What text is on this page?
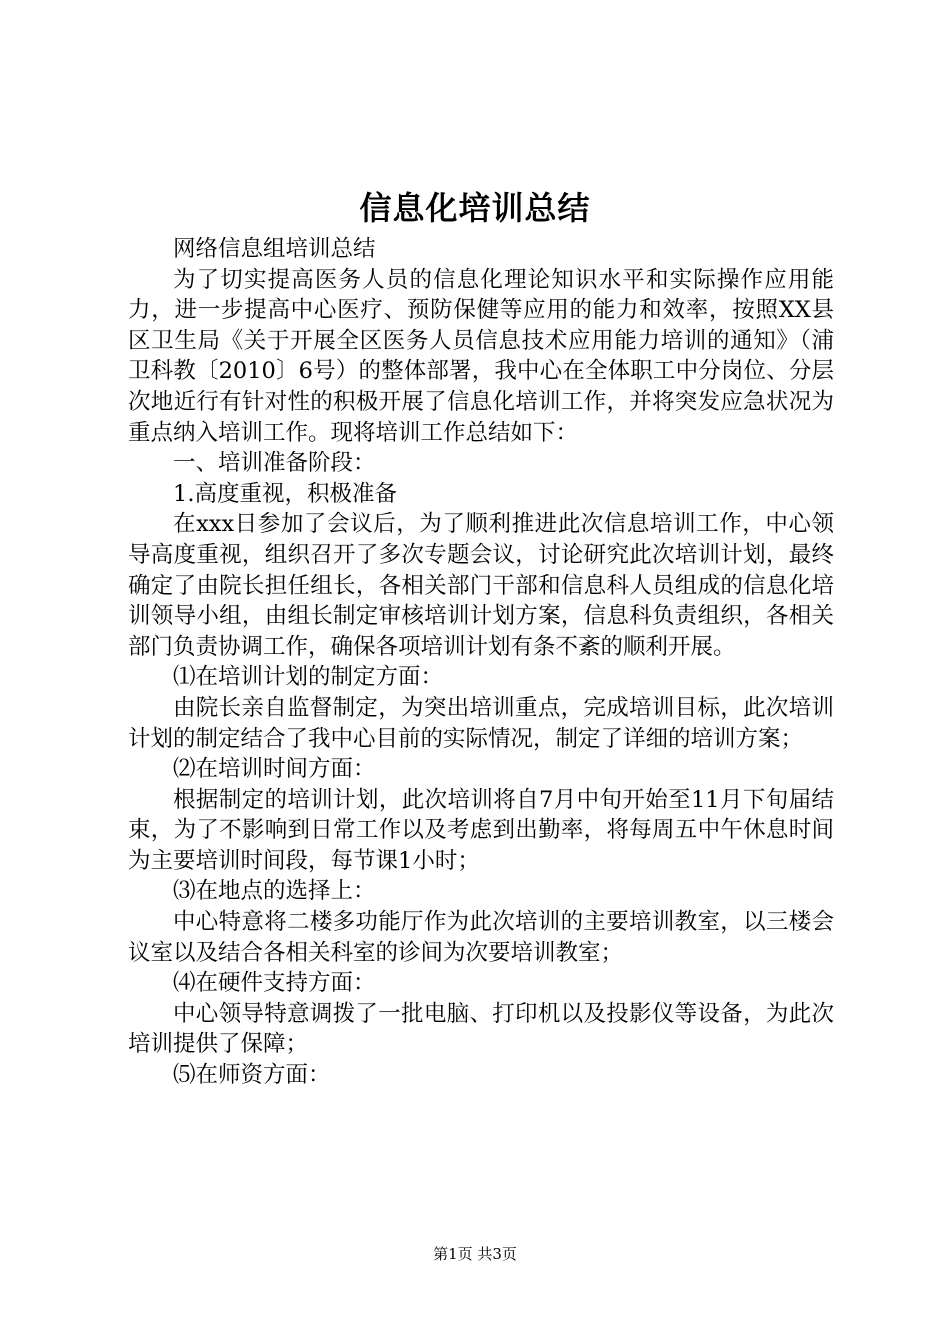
信息化培训总结

网络信息组培训总结

为了切实提高医务人员的信息化理论知识水平和实际操作应用能力，进一步提高中心医疗、预防保健等应用的能力和效率，按照XX县区卫生局《关于开展全区医务人员信息技术应用能力培训的通知》（浦卫科教〔2010〕6号）的整体部署，我中心在全体职工中分岗位、分层次地近行有针对性的积极开展了信息化培训工作，并将突发应急状况为重点纳入培训工作。现将培训工作总结如下：

一、培训准备阶段：

1.高度重视，积极准备

在xxx日参加了会议后，为了顺利推进此次信息培训工作，中心领导高度重视，组织召开了多次专题会议，讨论研究此次培训计划，最终确定了由院长担任组长，各相关部门干部和信息科人员组成的信息化培训领导小组，由组长制定审核培训计划方案，信息科负责组织，各相关部门负责协调工作，确保各项培训计划有条不紊的顺利开展。

⑴在培训计划的制定方面：

由院长亲自监督制定，为突出培训重点，完成培训目标，此次培训计划的制定结合了我中心目前的实际情况，制定了详细的培训方案；

⑵在培训时间方面：

根据制定的培训计划，此次培训将自7月中旬开始至11月下旬届结束，为了不影响到日常工作以及考虑到出勤率，将每周五中午休息时间为主要培训时间段，每节课1小时；

⑶在地点的选择上：

中心特意将二楼多功能厅作为此次培训的主要培训教室，以三楼会议室以及结合各相关科室的诊间为次要培训教室；

⑷在硬件支持方面：

中心领导特意调拨了一批电脑、打印机以及投影仪等设备，为此次培训提供了保障；

⑸在师资方面：

第1页 共3页
